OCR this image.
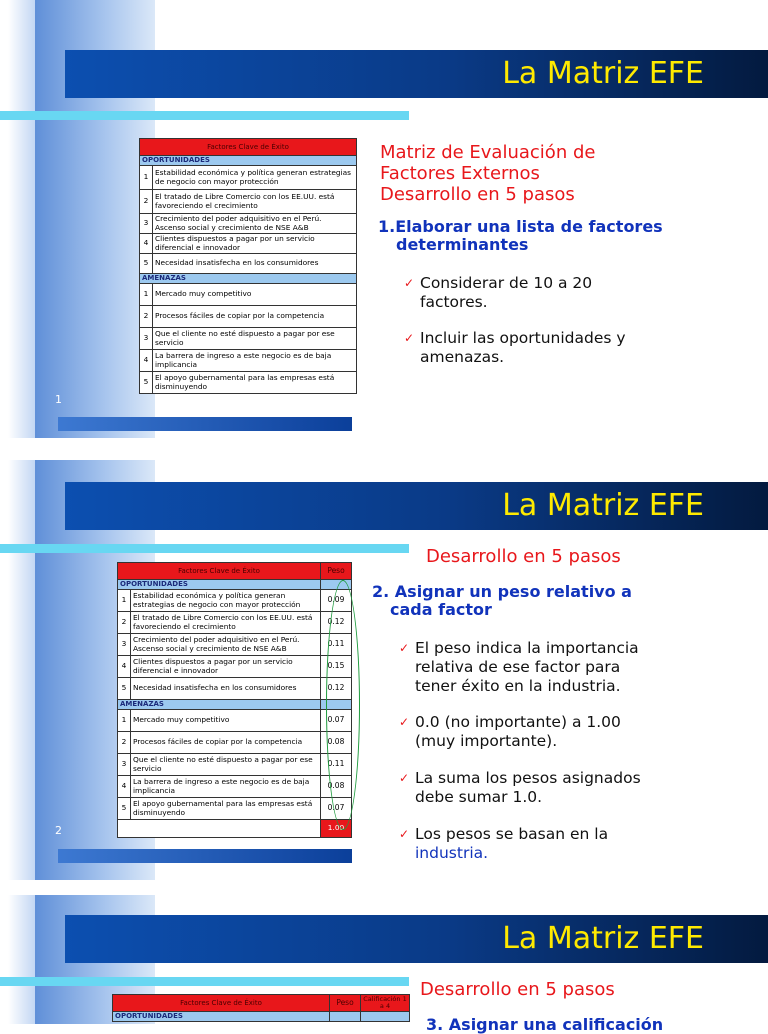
La Matriz EFE
Factores Clave de Éxito	
OPORTUNIDADES	
1	Estabilidad económica y política generan estrategias de negocio con mayor protección
2	El tratado de Libre Comercio con los EE.UU. está favoreciendo el crecimiento
3	Crecimiento del poder adquisitivo en el Perú. Ascenso social y crecimiento de NSE A&B
4	Clientes dispuestos a pagar por un servicio diferencial e innovador
5	Necesidad insatisfecha en los consumidores
AMENAZAS	
1	Mercado muy competitivo
2	Procesos fáciles de copiar por la competencia
3	Que el cliente no esté dispuesto a pagar por ese servicio
4	La barrera de ingreso a este negocio es de baja implicancia
5	El apoyo gubernamental para las empresas está disminuyendo
Matriz de Evaluación de
Factores Externos
Desarrollo en 5 pasos
1.Elaborar una lista de factores
determinantes
✓ Considerar de 10 a 20
factores.
✓ Incluir las oportunidades y
amenazas.
1
La Matriz EFE
Factores Clave de Éxito		Peso
OPORTUNIDADES		
1	Estabilidad económica y política generan estrategias de negocio con mayor protección	0.09
2	El tratado de Libre Comercio con los EE.UU. está favoreciendo el crecimiento	0.12
3	Crecimiento del poder adquisitivo en el Perú. Ascenso social y crecimiento de NSE A&B	0.11
4	Clientes dispuestos a pagar por un servicio diferencial e innovador	0.15
5	Necesidad insatisfecha en los consumidores	0.12
AMENAZAS		
1	Mercado muy competitivo	0.07
2	Procesos fáciles de copiar por la competencia	0.08
3	Que el cliente no esté dispuesto a pagar por ese servicio	0.11
4	La barrera de ingreso a este negocio es de baja implicancia	0.08
5	El apoyo gubernamental para las empresas está disminuyendo	0.07
		1.00
Desarrollo en 5 pasos
2. Asignar un peso relativo a
cada factor
✓ El peso indica la importancia
relativa de ese factor para
tener éxito en la industria.
✓ 0.0 (no importante) a 1.00
(muy importante).
✓ La suma los pesos asignados
debe sumar 1.0.
✓ Los pesos se basan en la
industria.
2
La Matriz EFE
Factores Clave de Éxito	Peso	Calificación 1 a 4
OPORTUNIDADES		
Desarrollo en 5 pasos
3. Asignar una calificación
